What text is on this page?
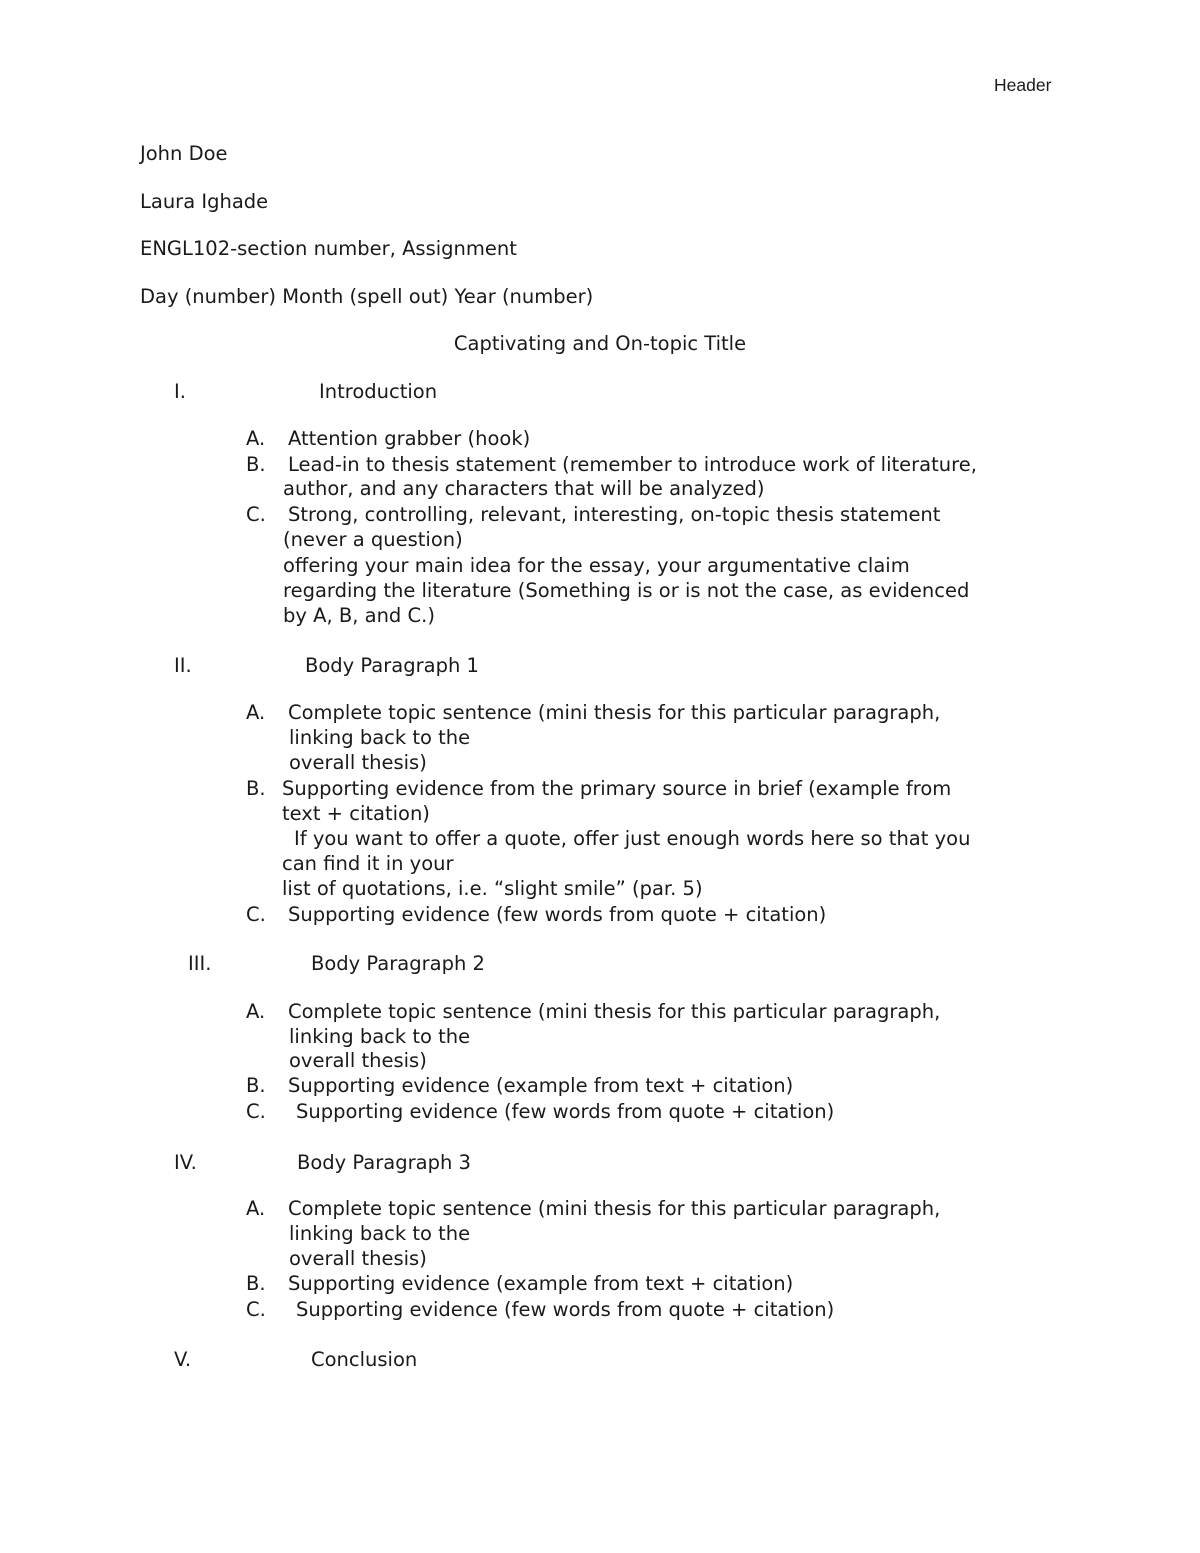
Header
John Doe
Laura Ighade
ENGL102-section number, Assignment
Day (number) Month (spell out) Year (number)
Captivating and On-topic Title
I.	Introduction
A. Attention grabber (hook)
B. Lead-in to thesis statement (remember to introduce work of literature,
author, and any characters that will be analyzed)
C. Strong, controlling, relevant, interesting, on-topic thesis statement
(never a question)
offering your main idea for the essay, your argumentative claim
regarding the literature (Something is or is not the case, as evidenced
by A, B, and C.)
II.	Body Paragraph 1
A. Complete topic sentence (mini thesis for this particular paragraph,
linking back to the
overall thesis)
B. Supporting evidence from the primary source in brief (example from
text + citation)
If you want to offer a quote, offer just enough words here so that you
can find it in your
list of quotations, i.e. “slight smile” (par. 5)
C. Supporting evidence (few words from quote + citation)
III.	Body Paragraph 2
A. Complete topic sentence (mini thesis for this particular paragraph,
linking back to the
overall thesis)
B. Supporting evidence (example from text + citation)
C. Supporting evidence (few words from quote + citation)
IV.	Body Paragraph 3
A. Complete topic sentence (mini thesis for this particular paragraph,
linking back to the
overall thesis)
B. Supporting evidence (example from text + citation)
C. Supporting evidence (few words from quote + citation)
V.	Conclusion
